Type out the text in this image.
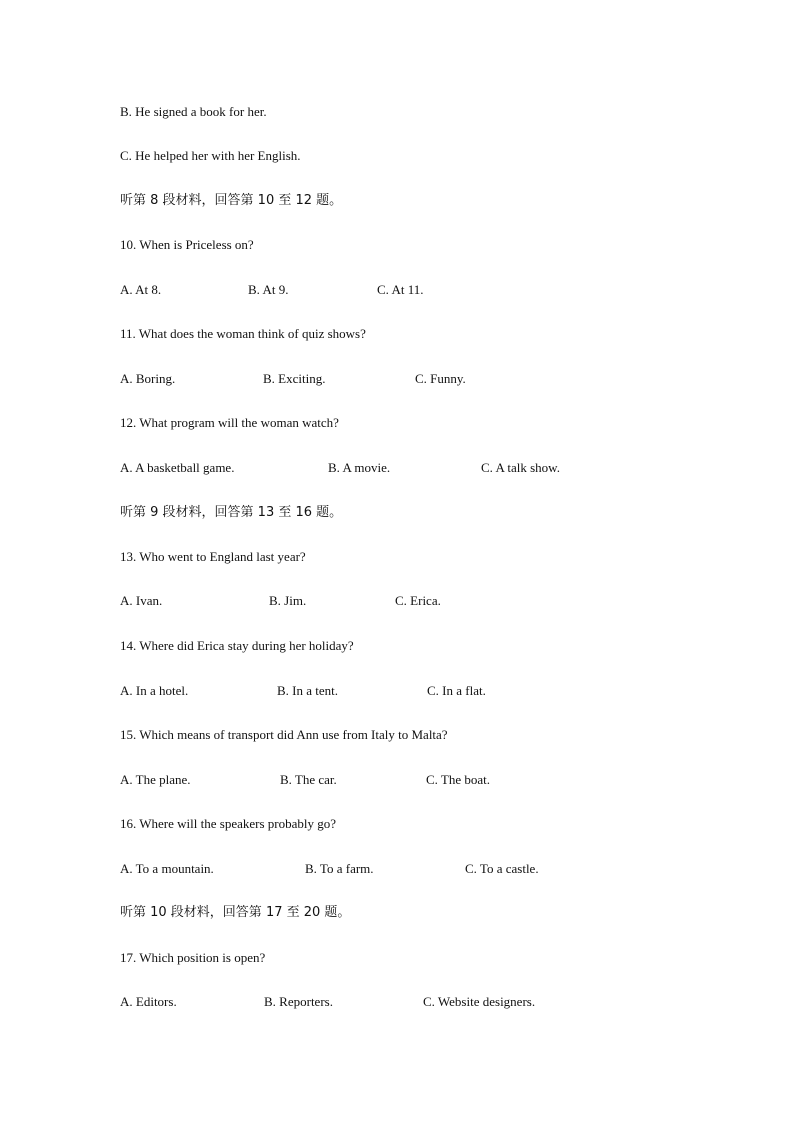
B. He signed a book for her.
C. He helped her with her English.
听第 8 段材料，回答第 10 至 12 题。
10. When is Priceless on?
A. At 8.	B. At 9.	C. At 11.
11. What does the woman think of quiz shows?
A. Boring.	B. Exciting.	C. Funny.
12. What program will the woman watch?
A. A basketball game.	B. A movie.	C. A talk show.
听第 9 段材料，回答第 13 至 16 题。
13. Who went to England last year?
A. Ivan.	B. Jim.	C. Erica.
14. Where did Erica stay during her holiday?
A. In a hotel.	B. In a tent.	C. In a flat.
15. Which means of transport did Ann use from Italy to Malta?
A. The plane.	B. The car.	C. The boat.
16. Where will the speakers probably go?
A. To a mountain.	B. To a farm.	C. To a castle.
听第 10 段材料，回答第 17 至 20 题。
17. Which position is open?
A. Editors.	B. Reporters.	C. Website designers.
